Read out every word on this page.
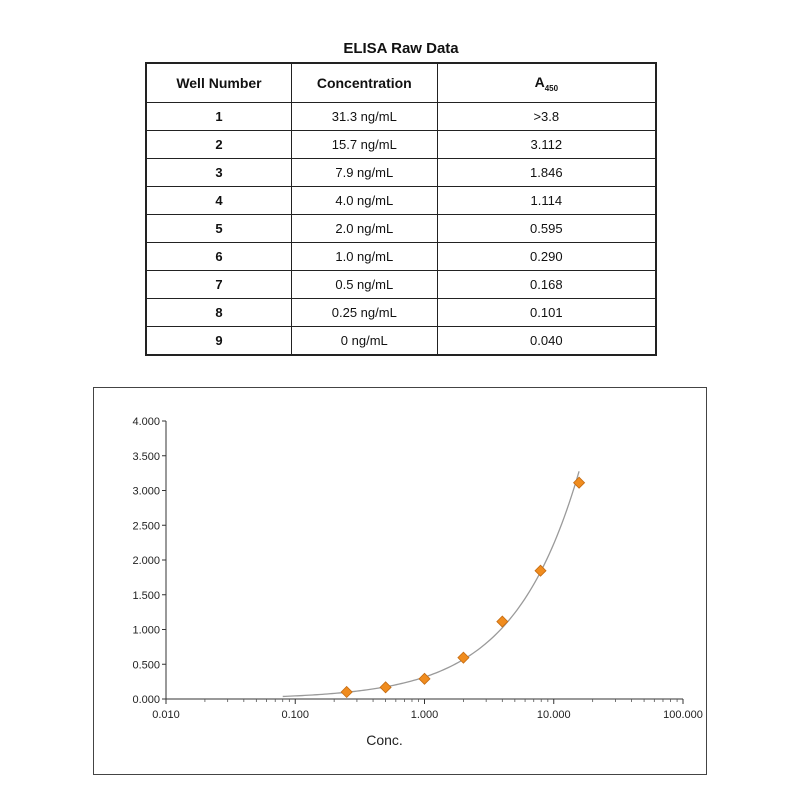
ELISA Raw Data
Well Number	Concentration	$A_{450}$
1	31.3 ng/mL	>3.8
2	15.7 ng/mL	3.112
3	7.9 ng/mL	1.846
4	4.0 ng/mL	1.114
5	2.0 ng/mL	0.595
6	1.0 ng/mL	0.290
7	0.5 ng/mL	0.168
8	0.25 ng/mL	0.101
9	0 ng/mL	0.040
0.000
0.500
1.000
1.500
2.000
2.500
3.000
3.500
4.000
0.010	0.100	1.000	10.000	100.000
Conc.
